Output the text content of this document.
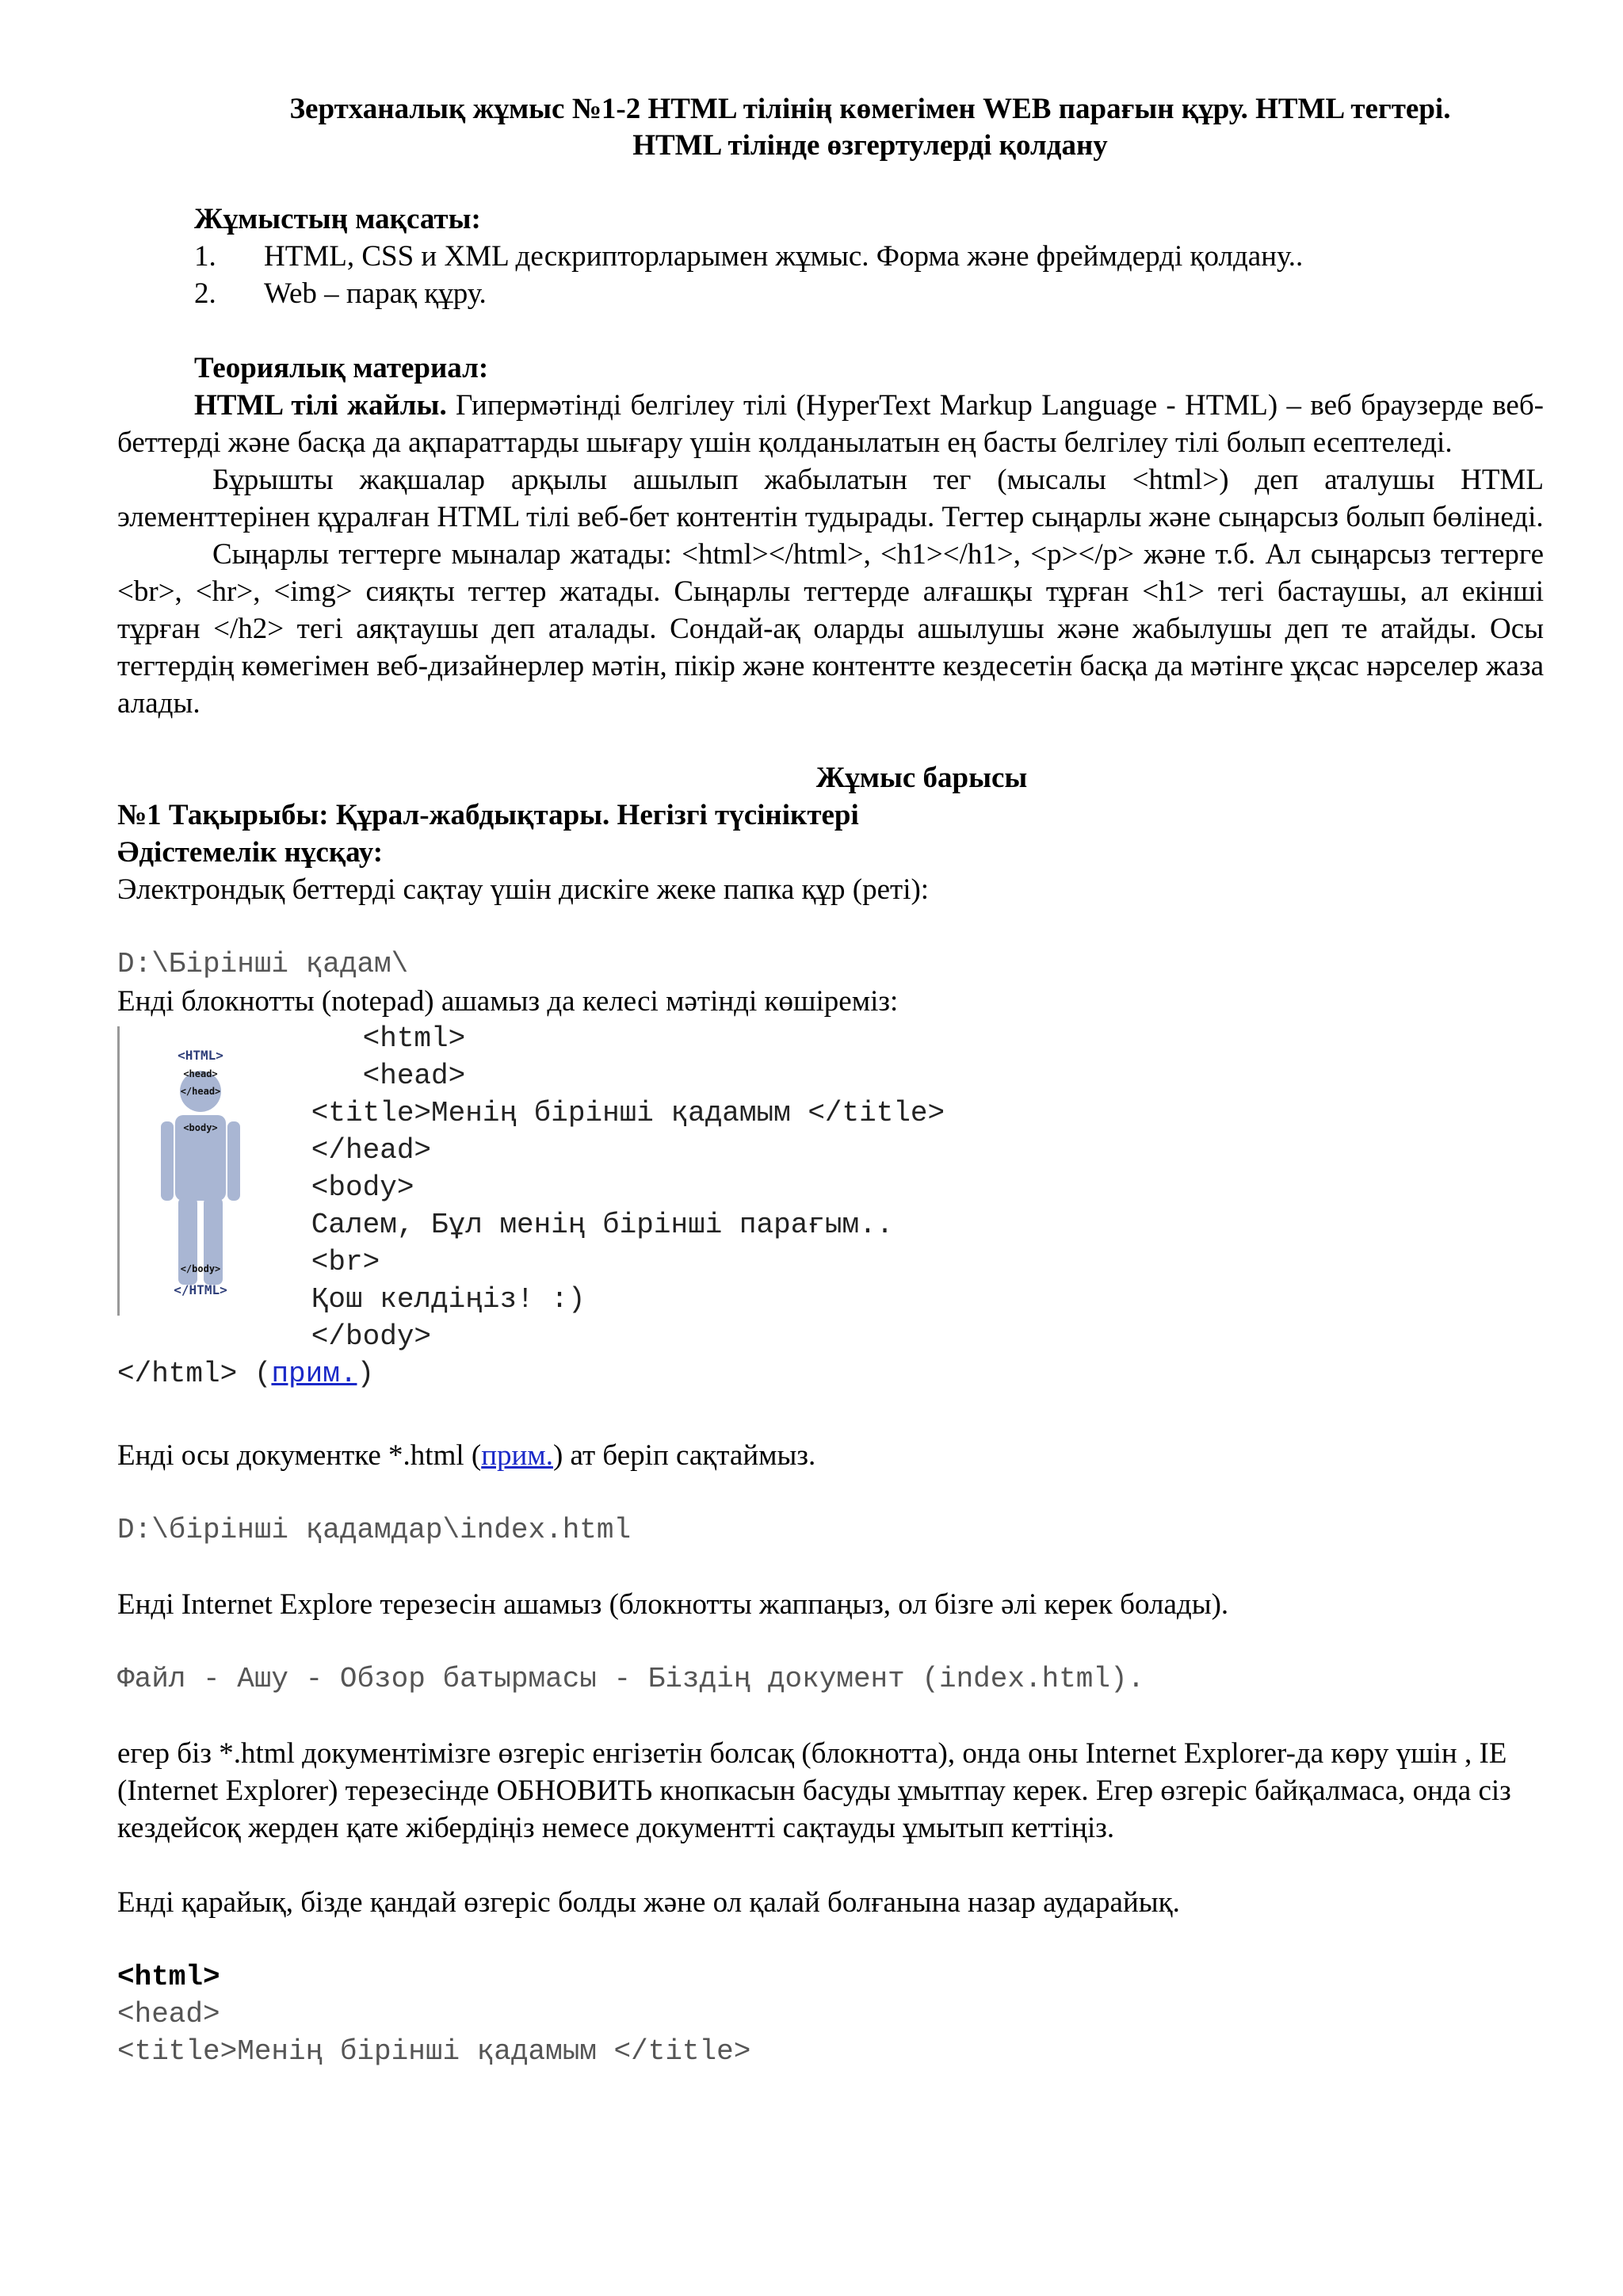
Зертханалық жұмыс №1-2 HTML тілінің көмегімен WEB парағын құру. HTML тегтері.
HTML тілінде өзгертулерді қолдану
Жұмыстың мақсаты:
1.	HTML, CSS и XML дескрипторларымен жұмыс. Форма және фреймдерді қолдану..
2.	Web – парақ құру.
Теориялық материал:
HTML тілі жайлы. Гипермәтінді белгілеу тілі (HyperText Markup Language - HTML) – веб браузерде веб-беттерді және басқа да ақпараттарды шығару үшін қолданылатын ең басты белгілеу тілі болып есептеледі.
Бұрышты жақшалар арқылы ашылып жабылатын тег (мысалы <html>) деп аталушы HTML элементтерінен құралған HTML тілі веб-бет контентін тудырады. Тегтер сыңарлы және сыңарсыз болып бөлінеді.
Сыңарлы тегтерге мыналар жатады: <html></html>, <h1></h1>, <p></p> және т.б. Ал сыңарсыз тегтерге <br>, <hr>, <img> сияқты тегтер жатады. Сыңарлы тегтерде алғашқы тұрған <h1> тегі бастаушы, ал екінші тұрған </h2> тегі аяқтаушы деп аталады. Сондай-ақ оларды ашылушы және жабылушы деп те атайды. Осы тегтердің көмегімен веб-дизайнерлер мәтін, пікір және контентте кездесетін басқа да мәтінге ұқсас нәрселер жаза алады.
Жұмыс барысы
№1 Тақырыбы: Құрал-жабдықтары. Негізгі түсініктері
Әдістемелік нұсқау:
Электрондық беттерді сақтау үшін дискіге жеке папка құр (реті):
D:\Бірінші қадам\
Енді блокнотты (notepad) ашамыз да келесі мәтінді көшіреміз:
<HTML>
<head>
</head>
<body>
</body>
</HTML>
<html>
<head>
<title>Менің бірінші қадамым </title>
</head>
<body>
Салем, Бұл менің бірінші парағым..
<br>
Қош келдіңіз! :)
</body>
</html> (прим.)
Енді осы документке *.html (прим.) ат беріп сақтаймыз.
D:\бірінші қадамдар\index.html
Енді Internet Explore терезесін ашамыз (блокнотты жаппаңыз, ол бізге әлі керек болады).
Файл - Ашу - Обзор батырмасы - Біздің документ (index.html).
егер біз *.html документімізге өзгеріс енгізетін болсақ (блокнотта), онда оны Internet Explorer-да көру үшін , IE (Internet Explorer) терезесінде ОБНОВИТЬ кнопкасын басуды ұмытпау керек. Егер өзгеріс байқалмаса, онда сіз кездейсоқ жерден қате жібердіңіз немесе документті сақтауды ұмытып кеттіңіз.
Енді қарайық, бізде қандай өзгеріс болды және ол қалай болғанына назар аударайық.
<html>
<head>
<title>Менің бірінші қадамым </title>
